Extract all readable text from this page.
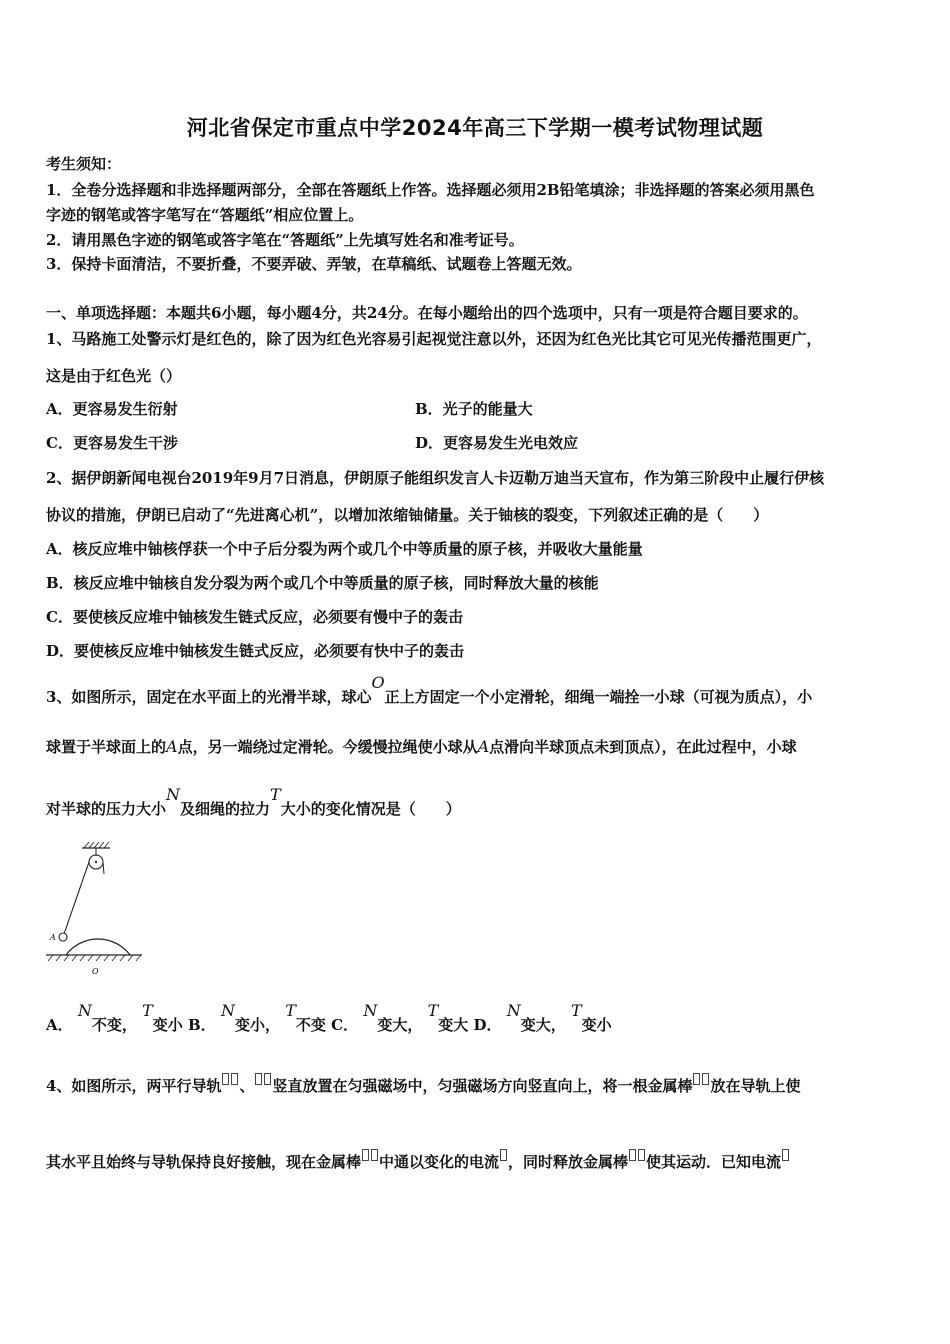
河北省保定市重点中学2024年高三下学期一模考试物理试题
考生须知：
1．全卷分选择题和非选择题两部分，全部在答题纸上作答。选择题必须用2B铅笔填涂；非选择题的答案必须用黑色
字迹的钢笔或答字笔写在“答题纸”相应位置上。
2．请用黑色字迹的钢笔或答字笔在“答题纸”上先填写姓名和准考证号。
3．保持卡面清洁，不要折叠，不要弄破、弄皱，在草稿纸、试题卷上答题无效。
一、单项选择题：本题共6小题，每小题4分，共24分。在每小题给出的四个选项中，只有一项是符合题目要求的。
1、马路施工处警示灯是红色的，除了因为红色光容易引起视觉注意以外，还因为红色光比其它可见光传播范围更广，
这是由于红色光（）
A．更容易发生衍射	B．光子的能量大
C．更容易发生干涉	D．更容易发生光电效应
2、据伊朗新闻电视台2019年9月7日消息，伊朗原子能组织发言人卡迈勒万迪当天宣布，作为第三阶段中止履行伊核
协议的措施，伊朗已启动了“先进离心机”，以增加浓缩铀储量。关于铀核的裂变，下列叙述正确的是（　　）
A．核反应堆中铀核俘获一个中子后分裂为两个或几个中等质量的原子核，并吸收大量能量
B．核反应堆中铀核自发分裂为两个或几个中等质量的原子核，同时释放大量的核能
C．要使核反应堆中铀核发生链式反应，必须要有慢中子的轰击
D．要使核反应堆中铀核发生链式反应，必须要有快中子的轰击
3、如图所示，固定在水平面上的光滑半球，球心O正上方固定一个小定滑轮，细绳一端拴一小球（可视为质点），小
球置于半球面上的A点，另一端绕过定滑轮。今缓慢拉绳使小球从A点滑向半球顶点未到顶点），在此过程中，小球
对半球的压力大小N及细绳的拉力T大小的变化情况是（　　）
A
O
A． N不变， T变小 B． N变小， T不变 C． N变大， T变大 D． N变大， T变小
4、如图所示，两平行导轨 、 竖直放置在匀强磁场中，匀强磁场方向竖直向上，将一根金属棒 放在导轨上使
其水平且始终与导轨保持良好接触，现在金属棒 中通以变化的电流 ，同时释放金属棒 使其运动．已知电流
